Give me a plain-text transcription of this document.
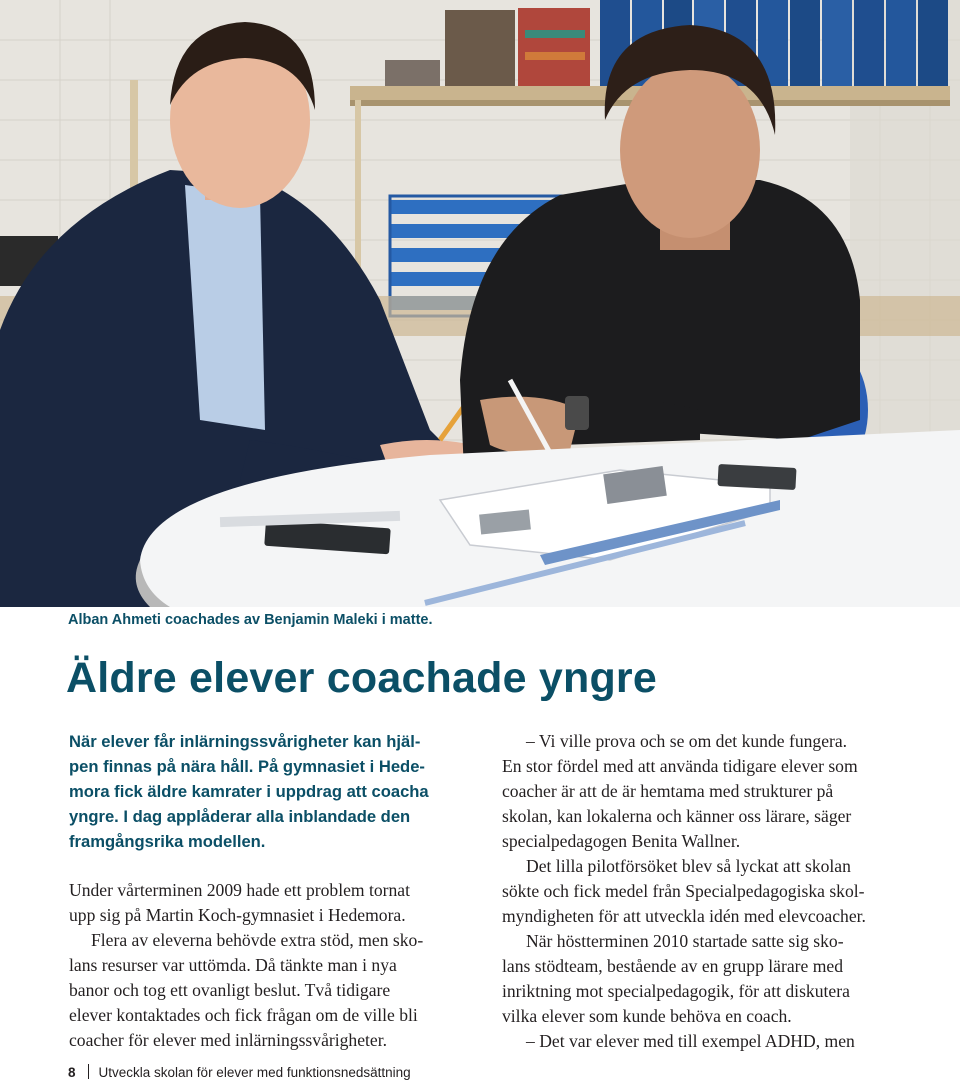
Alban Ahmeti coachades av Benjamin Maleki i matte.
Äldre elever coachade yngre
När elever får inlärningssvårigheter kan hjäl-
pen finnas på nära håll. På gymnasiet i Hede-
mora fick äldre kamrater i uppdrag att coacha
yngre. I dag applåderar alla inblandade den
framgångsrika modellen.
Under vårterminen 2009 hade ett problem tornat
upp sig på Martin Koch-gymnasiet i Hedemora.
Flera av eleverna behövde extra stöd, men sko-
lans resurser var uttömda. Då tänkte man i nya
banor och tog ett ovanligt beslut. Två tidigare
elever kontaktades och fick frågan om de ville bli
coacher för elever med inlärningssvårigheter.
– Vi ville prova och se om det kunde fungera.
En stor fördel med att använda tidigare elever som
coacher är att de är hemtama med strukturer på
skolan, kan lokalerna och känner oss lärare, säger
specialpedagogen Benita Wallner.
Det lilla pilotförsöket blev så lyckat att skolan
sökte och fick medel från Specialpedagogiska skol-
myndigheten för att utveckla idén med elevcoacher.
När höstterminen 2010 startade satte sig sko-
lans stödteam, bestående av en grupp lärare med
inriktning mot specialpedagogik, för att diskutera
vilka elever som kunde behöva en coach.
– Det var elever med till exempel ADHD, men
8 Utveckla skolan för elever med funktionsnedsättning
